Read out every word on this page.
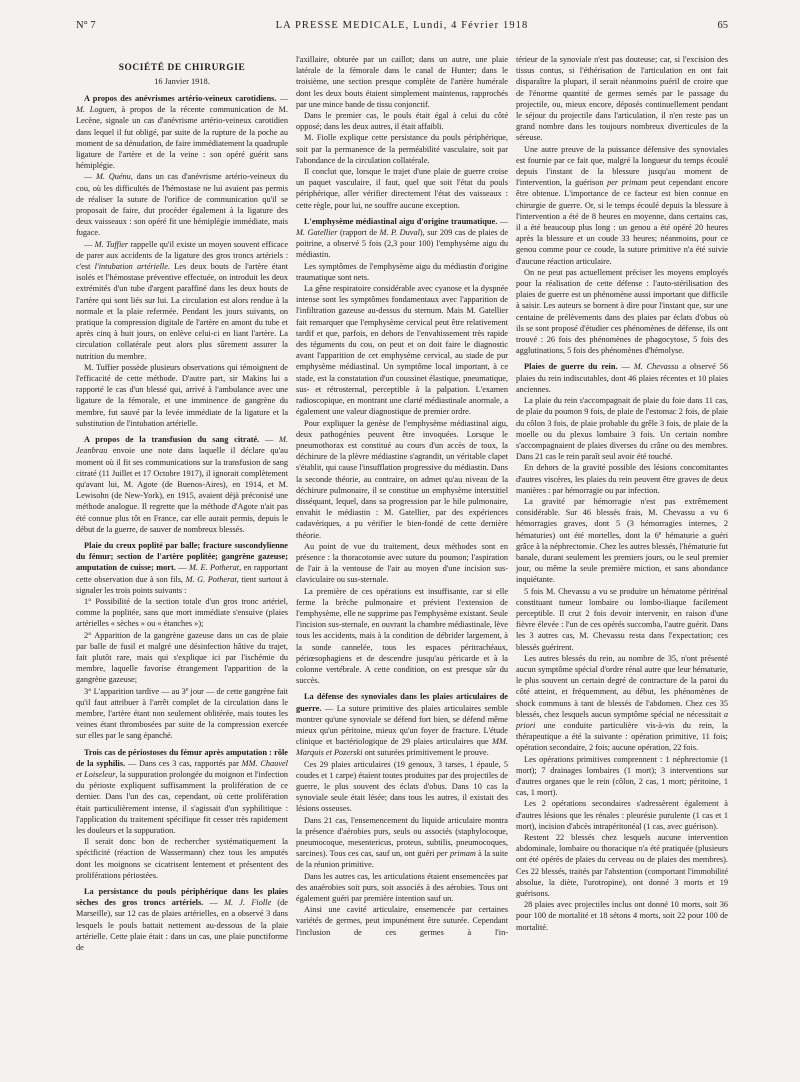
N° 7	LA PRESSE MEDICALE, Lundi, 4 Février 1918	65
SOCIÉTÉ DE CHIRURGIE
16 Janvier 1918.

A propos des anévrismes artério-veineux carotidiens. — M. Loguen, à propos de la récente communication de M. Lecène, signale un cas d'anévrisme artério-veineux carotidien dans lequel il fut obligé, par suite de la rupture de la poche au moment de sa dénudation, de faire immédiatement la quadruple ligature de l'artère et de la veine : son opéré guérit sans hémiplégie.

— M. Quénu, dans un cas d'anévrisme artério-veineux du cou, où les difficultés de l'hémostase ne lui avaient pas permis de réaliser la suture de l'orifice de communication qu'il se proposait de faire, dut procéder également à la ligature des deux vaisseaux : son opéré fit une hémiplégie immédiate, mais fugace.

— M. Tuffier rappelle qu'il existe un moyen souvent efficace de parer aux accidents de la ligature des gros troncs artériels : c'est l'intubation artérielle. Les deux bouts de l'artère étant isolés et l'hémostase préventive effectuée, on introduit les deux extrémités d'un tube d'argent paraffiné dans les deux bouts de l'artère qui sont liés sur lui. La circulation est alors rendue à la normale et la plaie refermée. Pendant les jours suivants, on pratique la compression digitale de l'artère en amont du tube et après cinq à huit jours, on enlève celui-ci en liant l'artère. La circulation collatérale peut alors plus sûrement assurer la nutrition du membre.

M. Tuffier possède plusieurs observations qui témoignent de l'efficacité de cette méthode. D'autre part, sir Makins lui a rapporté le cas d'un blessé qui, arrivé à l'ambulance avec une ligature de la fémorale, et une imminence de gangrène du membre, fut sauvé par la levée immédiate de la ligature et la substitution de l'intubation artérielle.

A propos de la transfusion du sang citraté. — M. Jeanbrau envoie une note dans laquelle il déclare qu'au moment où il fit ses communications sur la transfusion de sang citraté (11 Juillet et 17 Octobre 1917), il ignorait complètement qu'avant lui, M. Agote (de Buenos-Aires), en 1914, et M. Lewisohn (de New-York), en 1915, avaient déjà préconisé une méthode analogue. Il regrette que la méthode d'Agote n'ait pas été connue plus tôt en France, car elle aurait permis, depuis le début de la guerre, de sauver de nombreux blessés.

Plaie du creux poplité par balle; fracture suscondylienne du fémur; section de l'artère poplitée; gangrène gazeuse; amputation de cuisse; mort. — M. E. Potherat, en rapportant cette observation due à son fils, M. G. Potherat, tient surtout à signaler les trois points suivants :

1° Possibilité de la section totale d'un gros tronc artériel, comme la poplitée, sans que mort immédiate s'ensuive (plaies artérielles « sèches » ou « étanches »);

2° Apparition de la gangrène gazeuse dans un cas de plaie par balle de fusil et malgré une désinfection hâtive du trajet, fait plutôt rare, mais qui s'explique ici par l'ischémie du membre, laquelle favorise étrangement l'apparition de la gangrène gazeuse;

3° L'apparition tardive — au 3e jour — de cette gangrène fait qu'il faut attribuer à l'arrêt complet de la circulation dans le membre, l'artère étant non seulement oblitérée, mais toutes les veines étant thrombosées par suite de la compression exercée sur elles par le sang épanché.

Trois cas de périostoses du fémur après amputation : rôle de la syphilis. — Dans ces 3 cas, rapportés par MM. Chauvel et Loiseleur, la suppuration prolongée du moignon et l'infection du périoste expliquent suffisamment la prolifération de ce dernier. Dans l'un des cas, cependant, où cette prolifération était particulièrement intense, il s'agissait d'un syphilitique : l'application du traitement spécifique fit cesser très rapidement les douleurs et la suppuration.

Il serait donc bon de rechercher systématiquement la spécificité (réaction de Wassermann) chez tous les amputés dont les moignons se cicatrisent lentement et présentent des proliférations périostées.

La persistance du pouls périphérique dans les plaies sèches des gros troncs artériels. — M. J. Fiolle (de Marseille), sur 12 cas de plaies artérielles, en a observé 3 dans lesquels le pouls battait nettement au-dessous de la plaie artérielle. Cette plaie était : dans un cas, une plaie punctiforme de

l'axillaire, obturée par un caillot; dans un autre, une plaie latérale de la fémorale dans le canal de Hunter; dans le troisième, une section presque complète de l'artère humérale dont les deux bouts étaient simplement maintenus, rapprochés par une mince bande de tissu conjonctif.

Dans le premier cas, le pouls était égal à celui du côté opposé; dans les deux autres, il était affaibli.

M. Fiolle explique cette persistance du pouls périphérique, soit par la permanence de la perméabilité vasculaire, soit par l'abondance de la circulation collatérale.

Il conclut que, lorsque le trajet d'une plaie de guerre croise un paquet vasculaire, il faut, quel que soit l'état du pouls périphérique, aller vérifier directement l'état des vaisseaux : cette règle, pour lui, ne souffre aucune exception.

L'emphysème médiastinal aigu d'origine traumatique. — M. Gatellier (rapport de M. P. Duval), sur 209 cas de plaies de poitrine, a observé 5 fois (2,3 pour 100) l'emphysème aigu du médiastin.

Les symptômes de l'emphysème aigu du médiastin d'origine traumatique sont nets.

La gêne respiratoire considérable avec cyanose et la dyspnée intense sont les symptômes fondamentaux avec l'apparition de l'infiltration gazeuse au-dessus du sternum. Mais M. Gatellier fait remarquer que l'emphysème cervical peut être relativement tardif et que, parfois, en dehors de l'envahissement très rapide des téguments du cou, on peut et on doit faire le diagnostic avant l'apparition de cet emphysème cervical, au stade de pur emphysème médiastinal. Un symptôme local important, à ce stade, est la constatation d'un coussinet élastique, pneumatique, sus- et rétrosternal, perceptible à la palpation. L'examen radioscopique, en montrant une clarté médiastinale anormale, a également une valeur diagnostique de premier ordre.

Pour expliquer la genèse de l'emphysème médiastinal aigu, deux pathogénies peuvent être invoquées. Lorsque le pneumothorax est constitué au cours d'un accès de toux, la déchirure de la plèvre médiastine s'agrandit, un véritable clapet s'établit, qui cause l'insufflation progressive du médiastin. Dans la seconde théorie, au contraire, on admet qu'au niveau de la déchirure pulmonaire, il se constitue un emphysème interstitiel disséquant, lequel, dans sa progression par le hile pulmonaire, envahit le médiastin : M. Gatellier, par des expériences cadavériques, a pu vérifier le bien-fondé de cette dernière théorie.

Au point de vue du traitement, deux méthodes sont en présence : la thoracotomie avec suture du poumon; l'aspiration de l'air à la ventouse de l'air au moyen d'une incision sus-claviculaire ou sus-sternale.

La première de ces opérations est insuffisante, car si elle ferme la brèche pulmonaire et prévient l'extension de l'emphysème, elle ne supprime pas l'emphysème existant. Seule l'incision sus-sternale, en ouvrant la chambre médiastinale, lève tous les accidents, mais à la condition de débrider largement, à la sonde cannelée, tous les espaces péritrachéaux, périœsophagiens et de descendre jusqu'au péricarde et à la colonne vertébrale. A cette condition, on est presque sûr du succès.

La défense des synoviales dans les plaies articulaires de guerre. — La suture primitive des plaies articulaires semble montrer qu'une synoviale se défend fort bien, se défend même mieux qu'un péritoine, mieux qu'un foyer de fracture. L'étude clinique et bactériologique de 29 plaies articulaires que MM. Marquis et Pozerski ont suturées primitivement le prouve.

Ces 29 plaies articulaires (19 genoux, 3 tarses, 1 épaule, 5 coudes et 1 carpe) étaient toutes produites par des projectiles de guerre, le plus souvent des éclats d'obus. Dans 10 cas la synoviale seule était lésée; dans tous les autres, il existait des lésions osseuses.

Dans 21 cas, l'ensemencement du liquide articulaire montra la présence d'aérobies purs, seuls ou associés (staphylocoque, pneumocoque, mesentericus, proteus, subtilis, pneumocoques, sarcines). Tous ces cas, sauf un, ont guéri per primam à la suite de la réunion primitive.

Dans les autres cas, les articulations étaient ensemencées par des anaérobies soit purs, soit associés à des aérobies. Tous ont également guéri par première intention sauf un.

Ainsi une cavité articulaire, ensemencée par certaines variétés de germes, peut impunément être suturée. Cependant l'inclusion de ces germes à l'in-

térieur de la synoviale n'est pas douteuse; car, si l'excision des tissus contus, si l'éthérisation de l'articulation en ont fait disparaître la plupart, il serait néanmoins puéril de croire que de l'énorme quantité de germes semés par le passage du projectile, ou, mieux encore, déposés continuellement pendant le séjour du projectile dans l'articulation, il n'en reste pas un grand nombre dans les toujours nombreux diverticules de la séreuse.

Une autre preuve de la puissance défensive des synoviales est fournie par ce fait que, malgré la longueur du temps écoulé depuis l'instant de la blessure jusqu'au moment de l'intervention, la guérison per primam peut cependant encore être obtenue. L'importance de ce facteur est bien connue en chirurgie de guerre. Or, si le temps écoulé depuis la blessure à l'intervention a été de 8 heures en moyenne, dans certains cas, il a été beaucoup plus long : un genou a été opéré 20 heures après la blessure et un coude 33 heures; néanmoins, pour ce genou comme pour ce coude, la suture primitive n'a été suivie d'aucune réaction articulaire.

On ne peut pas actuellement préciser les moyens employés pour la réalisation de cette défense : l'auto-stérilisation des plaies de guerre est un phénomène aussi important que difficile à saisir. Les auteurs se bornent à dire pour l'instant que, sur une centaine de prélèvements dans des plaies par éclats d'obus où ils se sont proposé d'étudier ces phénomènes de défense, ils ont trouvé : 26 fois des phénomènes de phagocytose, 5 fois des agglutinations, 5 fois des phénomènes d'hémolyse.

Plaies de guerre du rein. — M. Chevassu a observé 56 plaies du rein indiscutables, dont 46 plaies récentes et 10 plaies anciennes.

La plaie du rein s'accompagnait de plaie du foie dans 11 cas, de plaie du poumon 9 fois, de plaie de l'estomac 2 fois, de plaie du côlon 3 fois, de plaie probable du grêle 3 fois, de plaie de la moelle ou du plexus lombaire 3 fois. Un certain nombre s'accompagnaient de plaies diverses du crâne ou des membres. Dans 21 cas le rein paraît seul avoir été touché.

En dehors de la gravité possible des lésions concomitantes d'autres viscères, les plaies du rein peuvent être graves de deux manières : par hémorragie ou par infection.

La gravité par hémorragie n'est pas extrêmement considérable. Sur 46 blessés frais, M. Chevassu a vu 6 hémorragies graves, dont 5 (3 hémorragies internes, 2 hématuries) ont été mortelles, dont la 6e hématurie a guéri grâce à la néphrectomie. Chez les autres blessés, l'hématurie fut banale, durant seulement les premiers jours, ou le seul premier jour, ou même la seule première miction, et sans abondance inquiétante.

5 fois M. Chevassu a vu se produire un hématome périrénal constituant tumeur lombaire ou lombo-iliaque facilement perceptible. Il crut 2 fois devoir intervenir, en raison d'une fièvre élevée : l'un de ces opérés succomba, l'autre guérit. Dans les 3 autres cas, M. Chevassu resta dans l'expectation; ces blessés guérirent.

Les autres blessés du rein, au nombre de 35, n'ont présenté aucun symptôme spécial d'ordre rénal autre que leur hématurie, le plus souvent un certain degré de contracture de la paroi du côté atteint, et fréquemment, au début, les phénomènes de shock communs à tant de blessés de l'abdomen. Chez ces 35 blessés, chez lesquels aucun symptôme spécial ne nécessitait a priori une conduite particulière vis-à-vis du rein, la thérapeutique a été la suivante : opération primitive, 11 fois; opération secondaire, 2 fois; aucune opération, 22 fois.

Les opérations primitives comprennent : 1 néphrectomie (1 mort); 7 drainages lombaires (1 mort); 3 interventions sur d'autres organes que le rein (côlon, 2 cas, 1 mort; péritoine, 1 cas, 1 mort).

Les 2 opérations secondaires s'adressèrent également à d'autres lésions que les rénales : pleurésie purulente (1 cas et 1 mort), incision d'abcès intrapéritonéal (1 cas, avec guérison).

Restent 22 blessés chez lesquels aucune intervention abdominale, lombaire ou thoracique n'a été pratiquée (plusieurs ont été opérés de plaies du cerveau ou de plaies des membres). Ces 22 blessés, traités par l'abstention (comportant l'immobilité absolue, la diète, l'urotropine), ont donné 3 morts et 19 guérisons.

28 plaies avec projectiles inclus ont donné 10 morts, soit 36 pour 100 de mortalité et 18 sétons 4 morts, soit 22 pour 100 de mortalité.
